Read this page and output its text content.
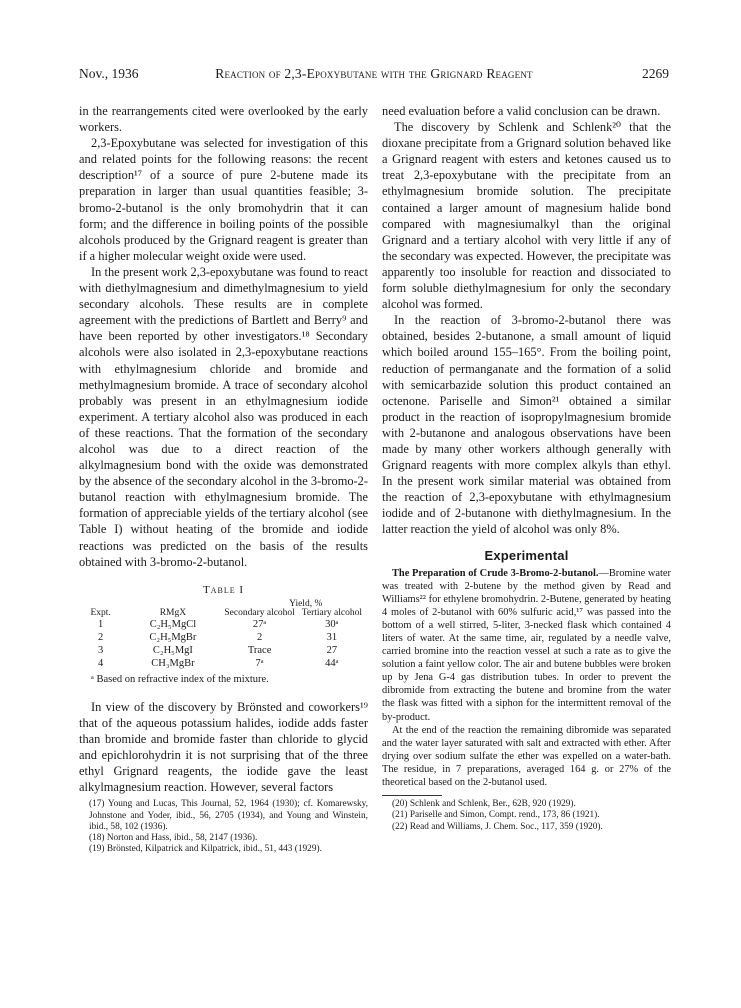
Nov., 1936	Reaction of 2,3-Epoxybutane with the Grignard Reagent	2269

in the rearrangements cited were overlooked by the early workers.

2,3-Epoxybutane was selected for investigation of this and related points for the following reasons: the recent description¹⁷ of a source of pure 2-butene made its preparation in larger than usual quantities feasible; 3-bromo-2-butanol is the only bromohydrin that it can form; and the difference in boiling points of the possible alcohols produced by the Grignard reagent is greater than if a higher molecular weight oxide were used.

In the present work 2,3-epoxybutane was found to react with diethylmagnesium and dimethylmagnesium to yield secondary alcohols. These results are in complete agreement with the predictions of Bartlett and Berry⁹ and have been reported by other investigators.¹⁸ Secondary alcohols were also isolated in 2,3-epoxybutane reactions with ethylmagnesium chloride and bromide and methylmagnesium bromide. A trace of secondary alcohol probably was present in an ethylmagnesium iodide experiment. A tertiary alcohol also was produced in each of these reactions. That the formation of the secondary alcohol was due to a direct reaction of the alkylmagnesium bond with the oxide was demonstrated by the absence of the secondary alcohol in the 3-bromo-2-butanol reaction with ethylmagnesium bromide. The formation of appreciable yields of the tertiary alcohol (see Table I) without heating of the bromide and iodide reactions was predicted on the basis of the results obtained with 3-bromo-2-butanol.

Table I
		Yield, %	
Expt.	RMgX	Secondary alcohol	Tertiary alcohol
1	C₂H₅MgCl	27ᵃ	30ᵃ
2	C₂H₅MgBr	2	31
3	C₂H₅MgI	Trace	27
4	CH₃MgBr	7ᵃ	44ᵃ
ᵃ Based on refractive index of the mixture.

In view of the discovery by Brönsted and coworkers¹⁹ that of the aqueous potassium halides, iodide adds faster than bromide and bromide faster than chloride to glycid and epichlorohydrin it is not surprising that of the three ethyl Grignard reagents, the iodide gave the least alkylmagnesium reaction. However, several factors

(17) Young and Lucas, This Journal, 52, 1964 (1930); cf. Komarewsky, Johnstone and Yoder, ibid., 56, 2705 (1934), and Young and Winstein, ibid., 58, 102 (1936).

(18) Norton and Hass, ibid., 58, 2147 (1936).

(19) Brönsted, Kilpatrick and Kilpatrick, ibid., 51, 443 (1929).

need evaluation before a valid conclusion can be drawn.

The discovery by Schlenk and Schlenk²⁰ that the dioxane precipitate from a Grignard solution behaved like a Grignard reagent with esters and ketones caused us to treat 2,3-epoxybutane with the precipitate from an ethylmagnesium bromide solution. The precipitate contained a larger amount of magnesium halide bond compared with magnesiumalkyl than the original Grignard and a tertiary alcohol with very little if any of the secondary was expected. However, the precipitate was apparently too insoluble for reaction and dissociated to form soluble diethylmagnesium for only the secondary alcohol was formed.

In the reaction of 3-bromo-2-butanol there was obtained, besides 2-butanone, a small amount of liquid which boiled around 155–165°. From the boiling point, reduction of permanganate and the formation of a solid with semicarbazide solution this product contained an octenone. Pariselle and Simon²¹ obtained a similar product in the reaction of isopropylmagnesium bromide with 2-butanone and analogous observations have been made by many other workers although generally with Grignard reagents with more complex alkyls than ethyl. In the present work similar material was obtained from the reaction of 2,3-epoxybutane with ethylmagnesium iodide and of 2-butanone with diethylmagnesium. In the latter reaction the yield of alcohol was only 8%.

Experimental

The Preparation of Crude 3-Bromo-2-butanol.—Bromine water was treated with 2-butene by the method given by Read and Williams²² for ethylene bromohydrin. 2-Butene, generated by heating 4 moles of 2-butanol with 60% sulfuric acid,¹⁷ was passed into the bottom of a well stirred, 5-liter, 3-necked flask which contained 4 liters of water. At the same time, air, regulated by a needle valve, carried bromine into the reaction vessel at such a rate as to give the solution a faint yellow color. The air and butene bubbles were broken up by Jena G-4 gas distribution tubes. In order to prevent the dibromide from extracting the butene and bromine from the water the flask was fitted with a siphon for the intermittent removal of the by-product.

At the end of the reaction the remaining dibromide was separated and the water layer saturated with salt and extracted with ether. After drying over sodium sulfate the ether was expelled on a water-bath. The residue, in 7 preparations, averaged 164 g. or 27% of the theoretical based on the 2-butanol used.

(20) Schlenk and Schlenk, Ber., 62B, 920 (1929).

(21) Pariselle and Simon, Compt. rend., 173, 86 (1921).

(22) Read and Williams, J. Chem. Soc., 117, 359 (1920).
